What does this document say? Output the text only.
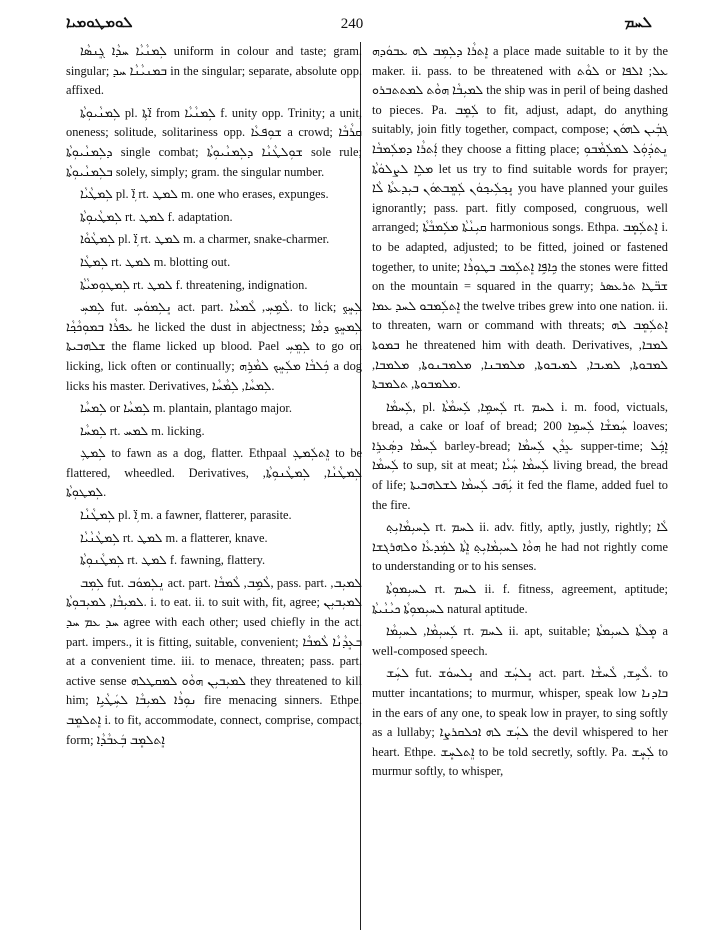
ܠܘܡܛܘܡܝܐ	240	ܠܚܡ

ܠܼܡܢܵܝܵܐ ܚܕܵܐ ܓܸܢܣܵܐ uniform in colour and taste; gram. singular; ܒܡܢܝܵܢܵܐ ܚܕ in the singular; separate, absolute opp. affixed.

ܠܼܡܢܵܝܘܼܬܵܐ pl. ܼܐ̈ܬܐ from ܠܼܡܢܵܝܵܐ f. unity opp. Trinity; a unit, oneness; solitude, solitariness opp. ܫܘܼܦܥܵܐ a crowd; ܩܪܵܒܵܐ ܕܠܼܡܢܵܝܘܼܬܵܐ single combat; ܫܘܼܠܛܵܢܵܐ ܕܠܼܡܢܵܝܘܼܬܵܐ sole rule; ܒܠܼܡܢܵܝܘܼܬܵܐ solely, simply; gram. the singular number.

ܠܼܡܛܵܝܵܐ pl. ܼܐ̈ rt. ܠܡܛ m. one who erases, expunges.

ܠܼܡܛܵܝܘܼܬܵܐ rt. ܠܡܛ f. adaptation.

ܠܼܡܛܵܘܵܐ pl. ܼܐ̈ rt. ܠܡܛ m. a charmer, snake-charmer.

ܠܼܡܛܵܐ rt. ܠܡܛ m. blotting out.

ܠܼܡܛܘܼܡܝܵܬܵܐ rt. ܠܡܛ f. threatening, indignation.

ܠܼܡܚܼ fut. ܢܸܠܼܡܘܿܚܼ act. part. ܠܵܡܹܚܼ, ܠܵܡܚܵܐ. to lick; ܠܼܚܸܟ݂ ܥܦܪܵܐ ܒܡܘܼܟܵܟ݂ܵܐ he licked the dust in abjectness; ܠܼܡܚܸܟ݂ ܕܡܵܐ ܫܠܗܒܝܬܐ the flame licked up blood. Pael ܠܼܡܸܚܼ to go on licking, lick often or continually; ܟܲܠܒܵܐ ܡܠܲܚܸܟ ܠܡܵܪܹܗ a dog licks his master. Derivatives, ܠܼܡܚܵܐ, ܠܼܡܵܚܵܐ.

ܠܼܡܚܵܐ or ܠܼܡܚܵܐ m. plantain, plantago major.

ܠܼܡܚܵܐ rt. ܠܡܚ m. licking.

ܠܼܡܛܼ to fawn as a dog, flatter. Ethpaal ܐܸܬܠܲܡܛܼ to be flattered, wheedled. Derivatives, ܠܼܡܛܵܢܵܐ, ܠܼܡܛܵܢܘܼܬܵܐ, ܠܼܡܛܘܼܬܵܐ.

ܠܼܡܛܵܢܵܐ pl. ܼܐ̈ m. a fawner, flatterer, parasite.

ܠܼܡܛܵܢܵܝܵܐ rt. ܠܡܛ m. a flatterer, knave.

ܠܼܡܛܵܢܘܼܬܵܐ rt. ܠܡܛ f. fawning, flattery.

ܠܼܡܼܒ fut. ܢܸܠܼܡܘܿܒ act. part. ܠܵܡܹܒ, ܠܵܡܒܵܐ, pass. part. ܠܡܝܼܒ, ܠܡܝܼܒܵܐ, ܠܡܝܼܒܘܼܬܵܐ. i. to eat. ii. to suit with, fit, agree; ܠܡܝܼܒܝܼܢ ܚܕ ܥܡ ܚܕ agree with each other; used chiefly in the act. part. impers., it is fitting, suitable, convenient; ܒܥܸܕܵܢܵܐ ܠܵܡܒܵܐ at a convenient time. iii. to menace, threaten; pass. part. active sense ܠܡܝܼܒܝܼܢ ܗܘܵܘ ܠܡܩܛܠܗ they threatened to kill him; ܢܘܼܪܵܐ ܠܡܝܼܒܵܐ ܠܚܲܛܵܝܹܐ fire menacing sinners. Ethpe. ܐܸܬܠܡܸܒ i. to fit, accommodate, connect, comprise, compact, form; ܐܸܬܠܡܸܒ ܒܲܥܒܵܕܵܐ

ܐܸܬܪܵܐ ܕܠܼܡܼܒ ܠܗ ܥܒܘܿܕܗ a place made suitable to it by the maker. ii. pass. to be threatened with ܠܘܵܬ or ܥܠ; ܐܠܦܐ ܠܡܝܼܒܵܐ ܗܘܵܬ ܠܡܬܬܒܪܘ the ship was in peril of being dashed to pieces. Pa. ܠܲܡܸܒ to fit, adjust, adapt, do anything suitably, join fitly together, compact, compose; ܓܒܲܝܢ ܠܗܘܿܢ ܐܲܬܪܵܐ ܕܡܠܲܡܒܵܐ they choose a fitting place; ܢܸܬܕܲܘܲܠ ܠܡܠܲܡܵܒܘܼ ܡܠܹܐ ܠܨܠܘܿܬܵܐ let us try to find suitable words for prayer; ܢܸܟ݂ܠܲܝܟ݂ܘܿܢ ܠܲܡܸܒܬܘܿܢ ܒܝܼܕܥܬܵܐ ܠܵܐ you have planned your guiles ignorantly; pass. part. fitly composed, congruous, well arranged; ܩܝܼܢܵܬܵܐ ܡܠܲܡܒܵܬܵܐ harmonious songs. Ethpa. ܐܸܬܠܲܡܸܒ i. to be adapted, adjusted; to be fitted, joined or fastened together, to unite; ܟܹܐܦܹܐ ܐܸܬܠܲܡܒ ܒܛܘܼܪܵܐ the stones were fitted on the mountain = squared in the quarry; ܫܒ̈ܛܐ ܬܪܥܣܪ ܐܸܬܠܲܡܒܘ ܠܚܕ ܥܡܐ the twelve tribes grew into one nation. ii. to threaten, warn or command with threats; ܐܸܬܠܲܡܸܒ ܠܗ ܒܡܘܬܐ he threatened him with death. Derivatives, ܠܡܒܐ, ܠܡܒܘܬܐ, ܠܡܝܒܐ, ܠܡܝܒܘܬܐ, ܡܠܡܒܢܐ, ܡܠܡܒܢܘܬܐ, ܡܠܡܒܐ, ܡܠܡܒܘܬܐ, ܬܠܡܒܬܐ.

ܠܲܚܡܵܐ, pl. ܠܲܚܡܹܐ, ܠܲܚܡܵܬܵܐ rt. ܠܚܡ i. m. food, victuals, bread, a cake or loaf of bread; ܚܲܡܫܵܐ ܠܲܚܡܹܐ 200 loaves; ܠܲܚܡܵܐ ܕܣܲܥܪܹܐ barley-bread; ܥܸܕܵܢ ܠܲܚܡܵܐ supper-time; ܐܸܟ݂ܲܠ ܠܲܚܡܵܐ to sup, sit at meat; ܠܲܚܡܵܐ ܚܲܝܵܐ living bread, the bread of life; ܝܲܗ݇ܒ ܠܲܚܡܵܐ ܠܫܠܗܒܝܬܐ it fed the flame, added fuel to the fire.

ܠܼܚܝܼܡܵܐܝܼܬ݂ rt. ܠܚܡ ii. adv. fitly, aptly, justly, rightly; ܠܵܐ ܗܘܵܐ ܠܚܝܼܡܵܐܝܼܬ݂ ܐܸܬܵܐ ܠܡܲܕܥܵܐ ܘܠܗܪܓܫܐ he had not rightly come to understanding or to his senses.

ܠܚܝܼܡܘܼܬܵܐ rt. ܠܚܡ ii. f. fitness, agreement, aptitude; ܠܚܝܼܡܘܼܬܵܐ ܟܝܵܢܵܝܬܵܐ natural aptitude.

ܠܲܚܝܼܡܵܐ, ܠܚܝܼܡܵܐ rt. ܠܚܡ ii. apt, suitable; ܡܸܠܬܵܐ ܠܚܝܼܡܬܵܐ a well-composed speech.

ܠܚܲܫ fut. ܢܸܠܚܘܿܫ and ܢܸܠܚܲܫ act. part. ܠܵܚܹܫ, ܠܵܚܫܵܐ. to mutter incantations; to murmur, whisper, speak low ܒܐܕܢܐ in the ears of any one, to speak low in prayer, to sing softly as a lullaby; ܠܚܲܫ ܠܗ ܐܟܠܩܪܨܐ the devil whispered to her heart. Ethpe. ܐܸܬܠܚܸܫ to be told secretly, softly. Pa. ܠܲܚܸܫ to murmur softly, to whisper,
